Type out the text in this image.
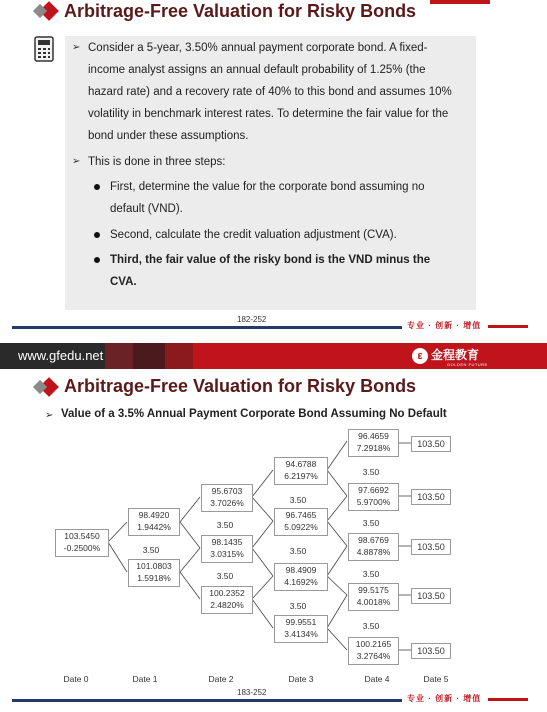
Arbitrage-Free Valuation for Risky Bonds
➢ Consider a 5-year, 3.50% annual payment corporate bond. A fixed-
income analyst assigns an annual default probability of 1.25% (the
hazard rate) and a recovery rate of 40% to this bond and assumes 10%
volatility in benchmark interest rates. To determine the fair value for the
bond under these assumptions.
➢ This is done in three steps:
First, determine the value for the corporate bond assuming no
default (VND).
Second, calculate the credit valuation adjustment (CVA).
Third, the fair value of the risky bond is the VND minus the
CVA.
182-252
专业 · 创新 · 增值
www.gfedu.net	ε 金程教育
GOLDEN FUTURE
Arbitrage-Free Valuation for Risky Bonds
➢ Value of a 3.5% Annual Payment Corporate Bond Assuming No Default
103.5450
-0.2500%
98.4920
1.9442%
3.50
101.0803
1.5918%
95.6703
3.7026%
3.50
98.1435
3.0315%
3.50
100.2352
2.4820%
94.6788
6.2197%
3.50
96.7465
5.0922%
3.50
98.4909
4.1692%
3.50
99.9551
3.4134%
96.4659
7.2918%
3.50
97.6692
5.9700%
3.50
98.6769
4.8878%
3.50
99.5175
4.0018%
3.50
100.2165
3.2764%
103.50
103.50
103.50
103.50
103.50
Date 0	Date 1	Date 2	Date 3	Date 4	Date 5
183-252
专业 · 创新 · 增值
